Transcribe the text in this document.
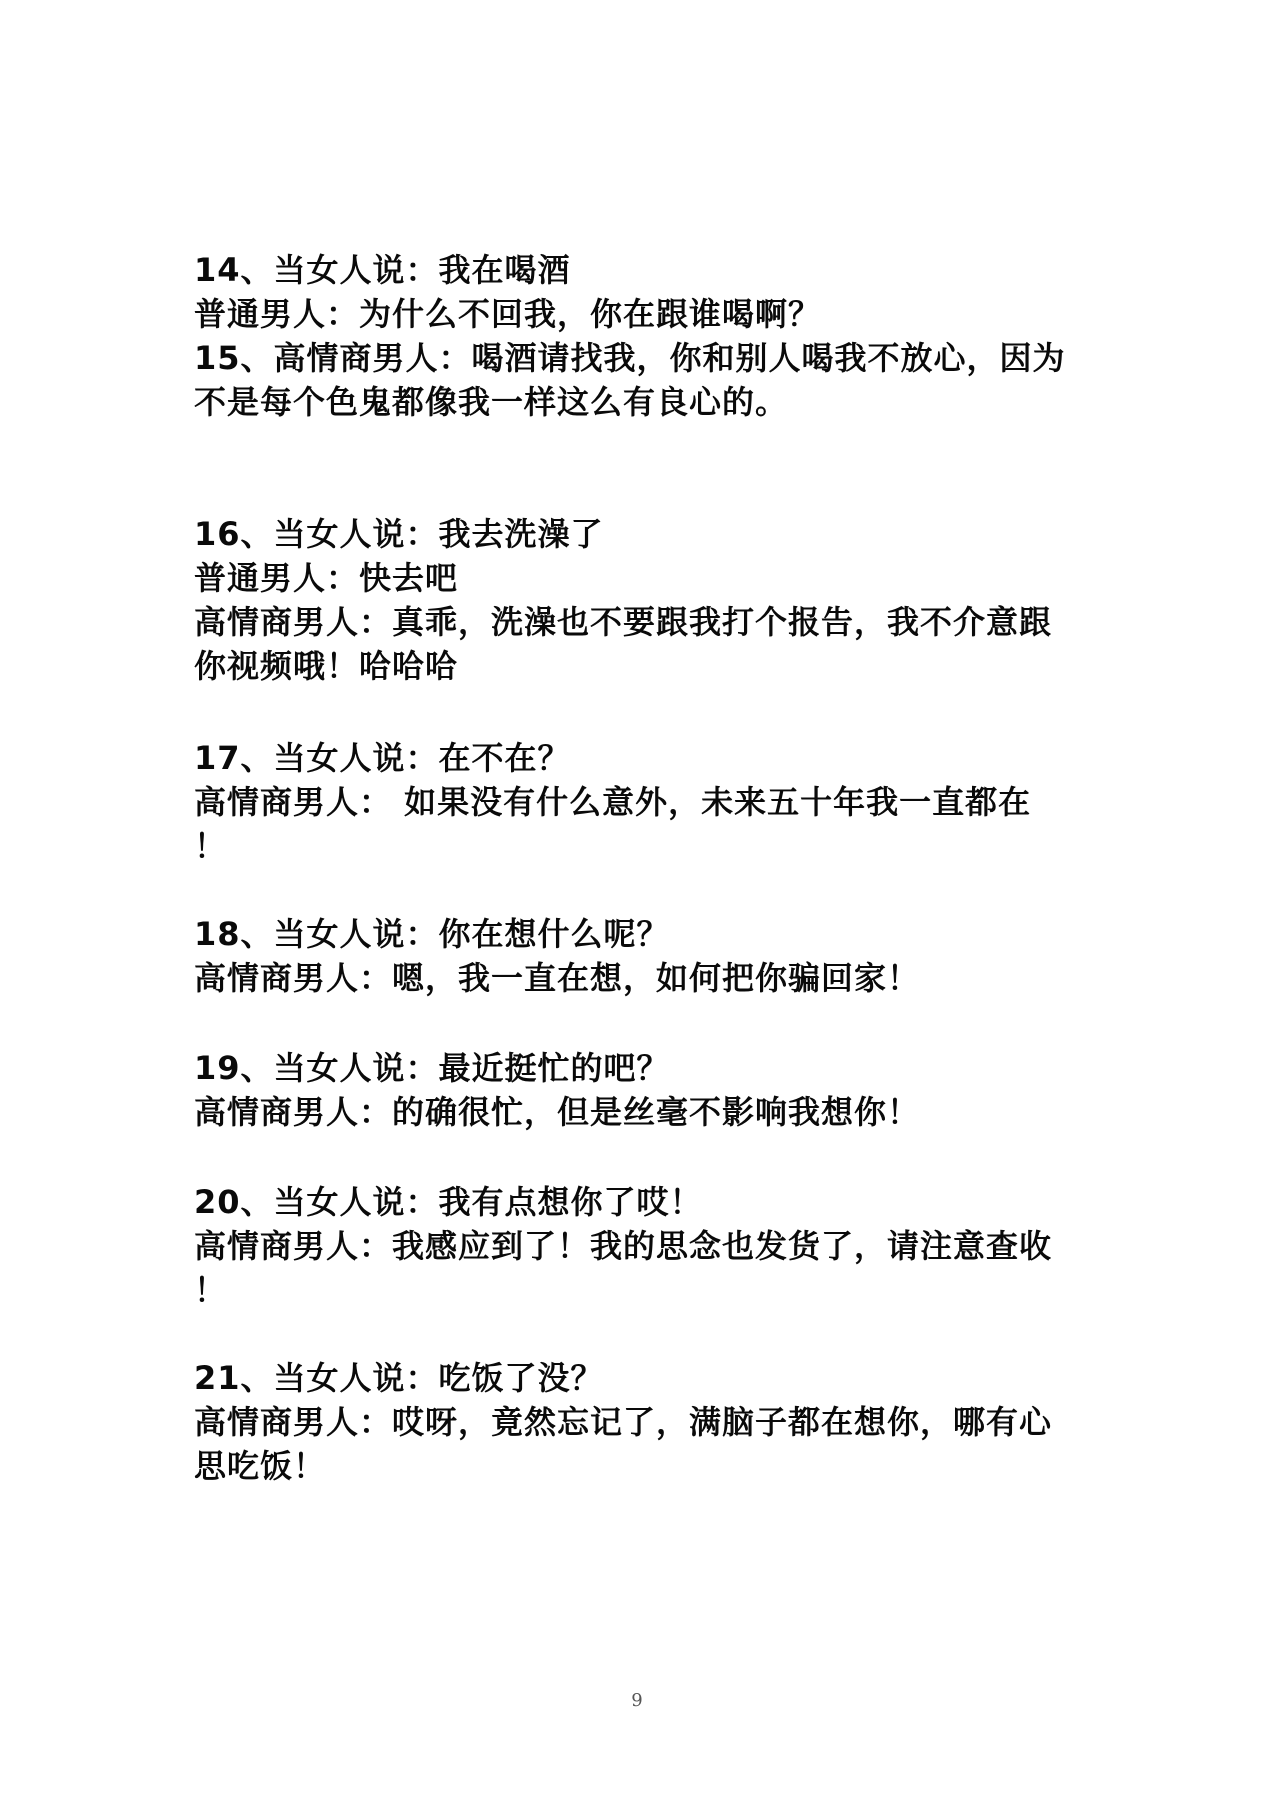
14、当女人说：我在喝酒
普通男人：为什么不回我，你在跟谁喝啊？
15、高情商男人：喝酒请找我，你和别人喝我不放心，因为
不是每个色鬼都像我一样这么有良心的。
16、当女人说：我去洗澡了
普通男人：快去吧
高情商男人：真乖，洗澡也不要跟我打个报告，我不介意跟
你视频哦！哈哈哈
17、当女人说：在不在？
高情商男人： 如果没有什么意外，未来五十年我一直都在
！
18、当女人说：你在想什么呢？
高情商男人：嗯，我一直在想，如何把你骗回家！
19、当女人说：最近挺忙的吧？
高情商男人：的确很忙，但是丝毫不影响我想你！
20、当女人说：我有点想你了哎！
高情商男人：我感应到了！我的思念也发货了，请注意查收
！
21、当女人说：吃饭了没？
高情商男人：哎呀，竟然忘记了，满脑子都在想你，哪有心
思吃饭！
9
